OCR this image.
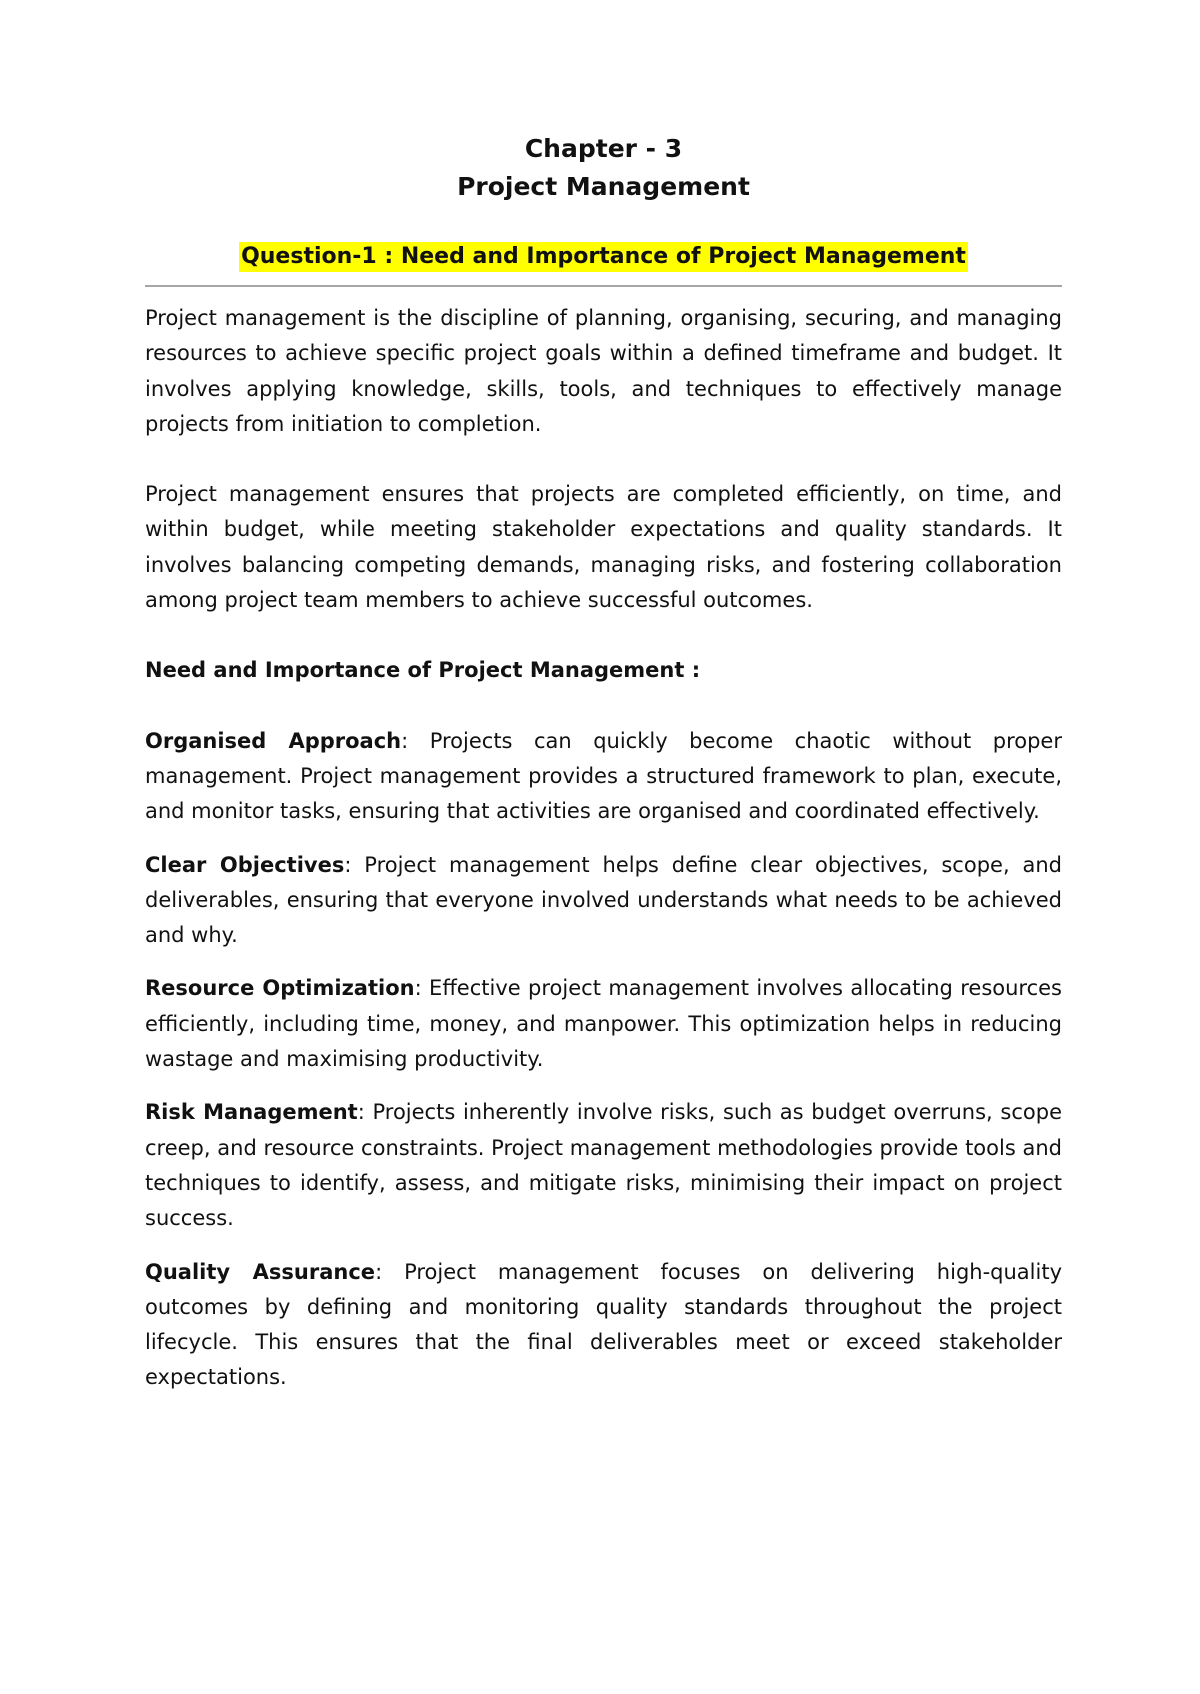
Chapter - 3

Project Management

Question-1 : Need and Importance of Project Management

Project management is the discipline of planning, organising, securing, and managing resources to achieve specific project goals within a defined timeframe and budget. It involves applying knowledge, skills, tools, and techniques to effectively manage projects from initiation to completion.

Project management ensures that projects are completed efficiently, on time, and within budget, while meeting stakeholder expectations and quality standards. It involves balancing competing demands, managing risks, and fostering collaboration among project team members to achieve successful outcomes.

Need and Importance of Project Management :

Organised Approach: Projects can quickly become chaotic without proper management. Project management provides a structured framework to plan, execute, and monitor tasks, ensuring that activities are organised and coordinated effectively.

Clear Objectives: Project management helps define clear objectives, scope, and deliverables, ensuring that everyone involved understands what needs to be achieved and why.

Resource Optimization: Effective project management involves allocating resources efficiently, including time, money, and manpower. This optimization helps in reducing wastage and maximising productivity.

Risk Management: Projects inherently involve risks, such as budget overruns, scope creep, and resource constraints. Project management methodologies provide tools and techniques to identify, assess, and mitigate risks, minimising their impact on project success.

Quality Assurance: Project management focuses on delivering high-quality outcomes by defining and monitoring quality standards throughout the project lifecycle. This ensures that the final deliverables meet or exceed stakeholder expectations.
